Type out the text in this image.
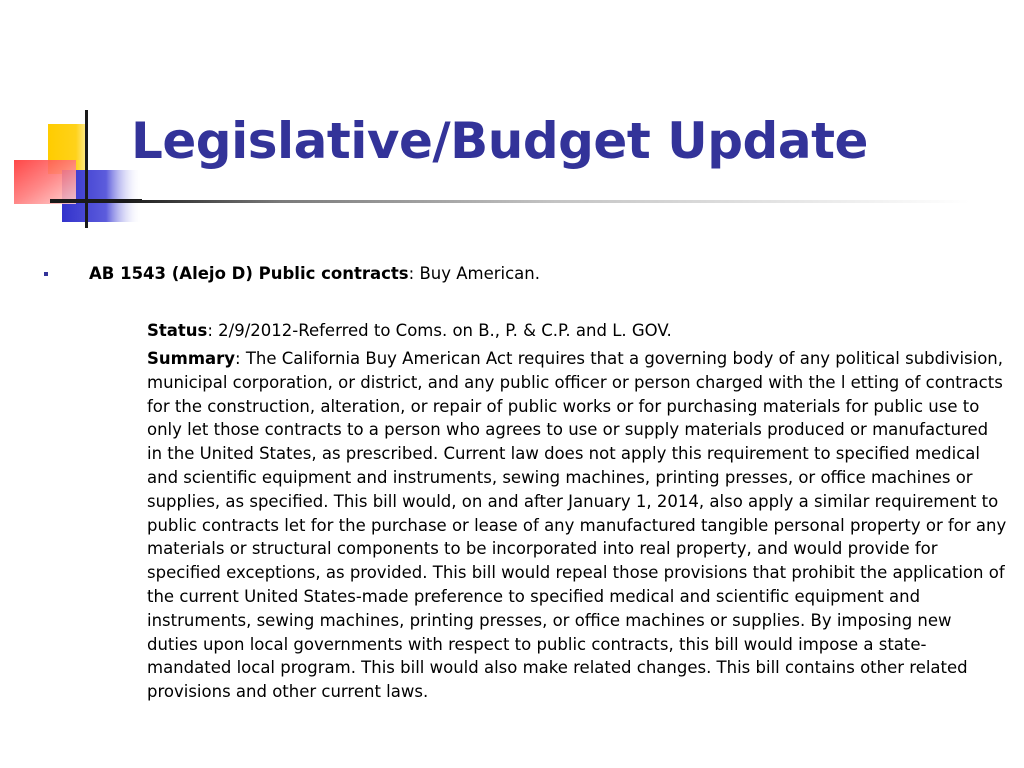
Legislative/Budget Update
AB 1543 (Alejo D) Public contracts: Buy American.
Status: 2/9/2012-Referred to Coms. on B., P. & C.P. and L. GOV.
Summary: The California Buy American Act requires that a governing body of any political subdivision, municipal corporation, or district, and any public officer or person charged with the l etting of contracts for the construction, alteration, or repair of public works or for purchasing materials for public use to only let those contracts to a person who agrees to use or supply materials produced or manufactured in the United States, as prescribed. Current law does not apply this requirement to specified medical and scientific equipment and instruments, sewing machines, printing presses, or office machines or supplies, as specified. This bill would, on and after January 1, 2014, also apply a similar requirement to public contracts let for the purchase or lease of any manufactured tangible personal property or for any materials or structural components to be incorporated into real property, and would provide for specified exceptions, as provided. This bill would repeal those provisions that prohibit the application of the current United States-made preference to specified medical and scientific equipment and instruments, sewing machines, printing presses, or office machines or supplies. By imposing new duties upon local governments with respect to public contracts, this bill would impose a state-mandated local program. This bill would also make related changes. This bill contains other related provisions and other current laws.
